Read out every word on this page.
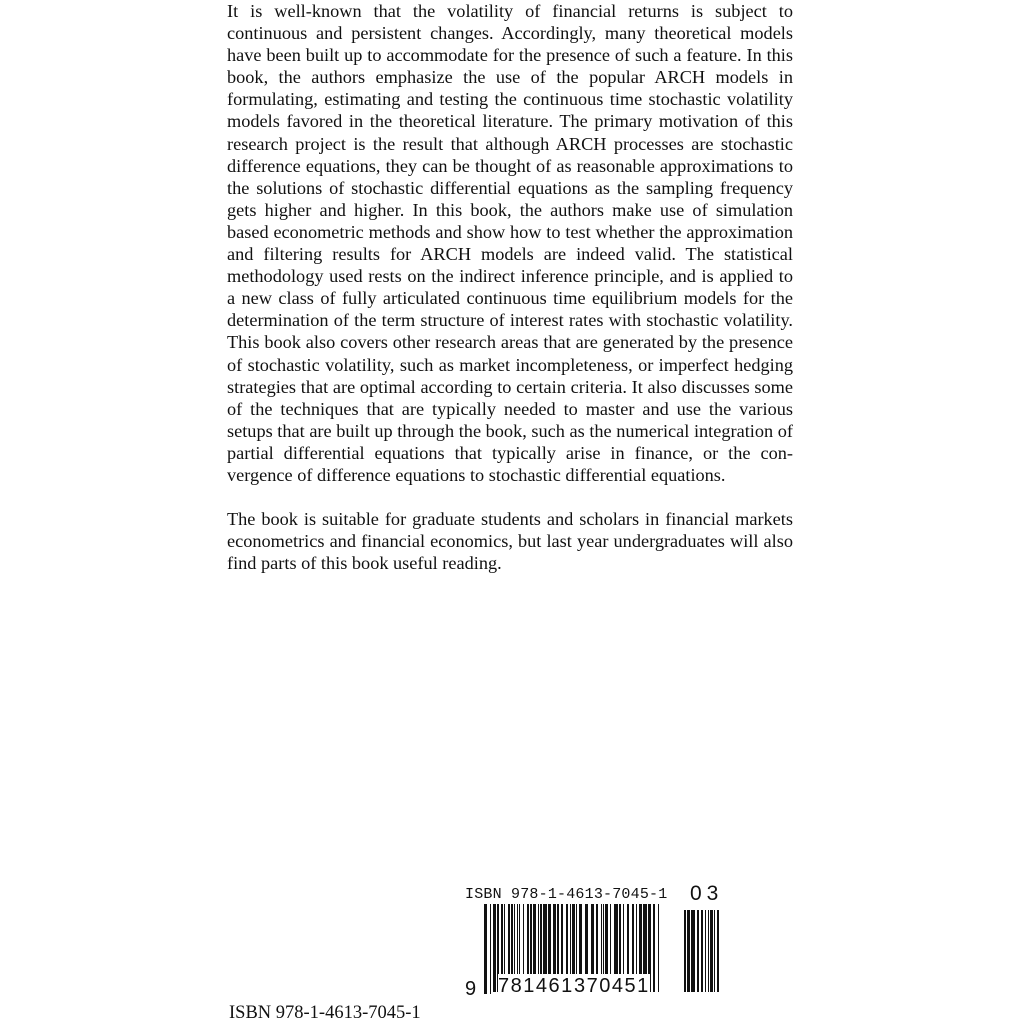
It is well-known that the volatility of financial returns is subject to continuous and persistent changes. Accordingly, many theoretical models have been built up to accommodate for the presence of such a feature. In this book, the authors emphasize the use of the popular ARCH models in formulating, estimating and testing the continuous time stochastic volatility models favored in the theoretical literature. The primary motivation of this research project is the result that although ARCH processes are stochastic difference equations, they can be thought of as reasonable approximations to the solutions of stochastic differential equations as the sampling frequency gets higher and higher. In this book, the authors make use of simulation based econometric methods and show how to test whether the approximation and filtering results for ARCH models are indeed valid. The statistical methodology used rests on the indirect inference principle, and is applied to a new class of fully articulated continuous time equilibrium models for the determination of the term structure of interest rates with stochastic volatility. This book also covers other research areas that are generated by the presence of stochastic volatility, such as market incompleteness, or imperfect hedging strategies that are optimal according to certain criteria. It also discusses some of the techniques that are typically needed to master and use the various setups that are built up through the book, such as the numerical integration of partial differential equations that typically arise in finance, or the convergence of difference equations to stochastic differential equations.

The book is suitable for graduate students and scholars in financial markets econometrics and financial economics, but last year undergraduates will also find parts of this book useful reading.

ISBN 978-1-4613-7045-1 03
9 781461 370451
ISBN 978-1-4613-7045-1
